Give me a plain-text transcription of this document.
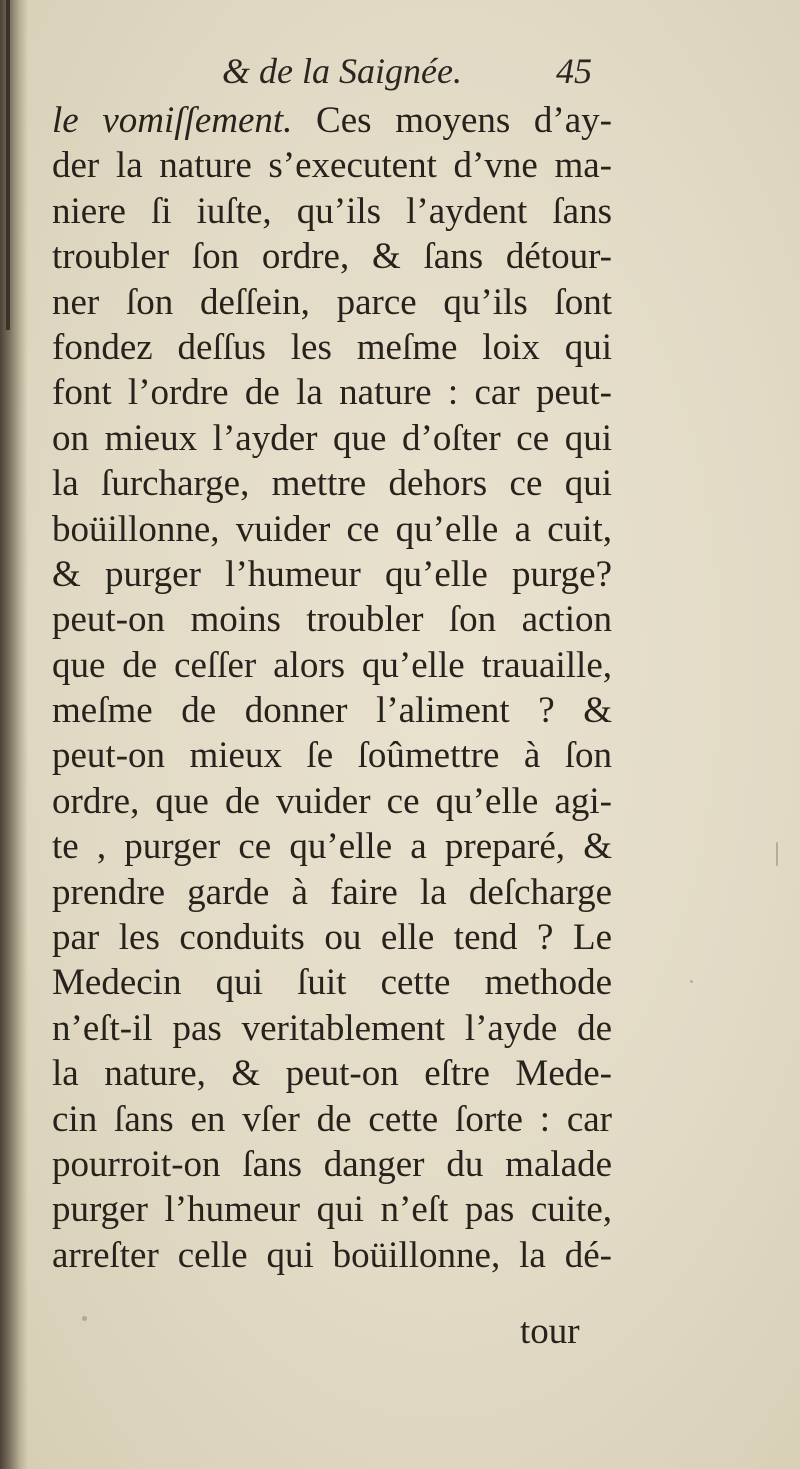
& de la Saignée.	45
le vomiſſement. Ces moyens d’ay-
der la nature s’executent d’vne ma-
niere ſi iuſte, qu’ils l’aydent ſans
troubler ſon ordre, & ſans détour-
ner ſon deſſein, parce qu’ils ſont
fondez deſſus les meſme loix qui
font l’ordre de la nature : car peut-
on mieux l’ayder que d’oſter ce qui
la ſurcharge, mettre dehors ce qui
boüillonne, vuider ce qu’elle a cuit,
& purger l’humeur qu’elle purge?
peut-on moins troubler ſon action
que de ceſſer alors qu’elle trauaille,
meſme de donner l’aliment ? &
peut-on mieux ſe ſoûmettre à ſon
ordre, que de vuider ce qu’elle agi-
te , purger ce qu’elle a preparé, &
prendre garde à faire la deſcharge
par les conduits ou elle tend ? Le
Medecin qui ſuit cette methode
n’eſt-il pas veritablement l’ayde de
la nature, & peut-on eſtre Mede-
cin ſans en vſer de cette ſorte : car
pourroit-on ſans danger du malade
purger l’humeur qui n’eſt pas cuite,
arreſter celle qui boüillonne, la dé-
tour
